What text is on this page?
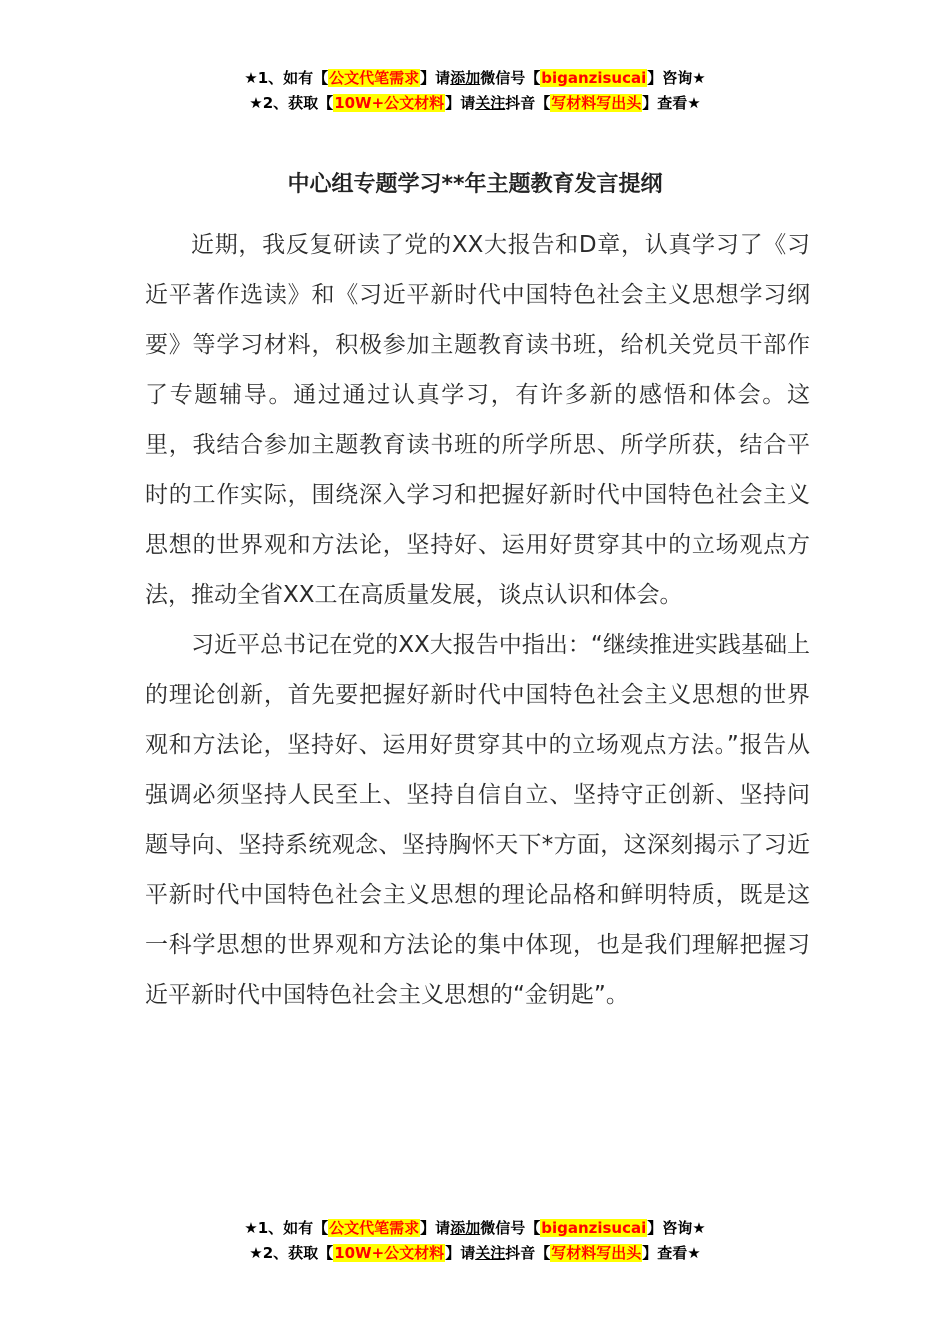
★1、如有【公文代笔需求】请添加微信号【biganzisucai】咨询★
★2、获取【10W+公文材料】请关注抖音【写材料写出头】查看★
中心组专题学习**年主题教育发言提纲

近期，我反复研读了党的XX大报告和D章，认真学习了《习近平著作选读》和《习近平新时代中国特色社会主义思想学习纲要》等学习材料，积极参加主题教育读书班，给机关党员干部作了专题辅导。通过通过认真学习，有许多新的感悟和体会。这里，我结合参加主题教育读书班的所学所思、所学所获，结合平时的工作实际，围绕深入学习和把握好新时代中国特色社会主义思想的世界观和方法论，坚持好、运用好贯穿其中的立场观点方法，推动全省XX工在高质量发展，谈点认识和体会。

习近平总书记在党的XX大报告中指出：“继续推进实践基础上的理论创新，首先要把握好新时代中国特色社会主义思想的世界观和方法论，坚持好、运用好贯穿其中的立场观点方法。”报告从强调必须坚持人民至上、坚持自信自立、坚持守正创新、坚持问题导向、坚持系统观念、坚持胸怀天下*方面，这深刻揭示了习近平新时代中国特色社会主义思想的理论品格和鲜明特质，既是这一科学思想的世界观和方法论的集中体现，也是我们理解把握习近平新时代中国特色社会主义思想的“金钥匙”。

★1、如有【公文代笔需求】请添加微信号【biganzisucai】咨询★
★2、获取【10W+公文材料】请关注抖音【写材料写出头】查看★
